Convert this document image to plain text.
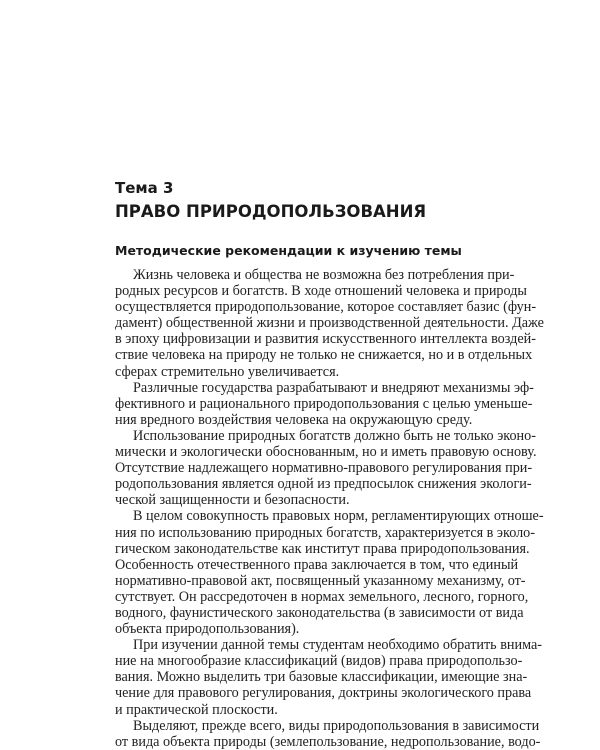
Тема 3
ПРАВО ПРИРОДОПОЛЬЗОВАНИЯ
Методические рекомендации к изучению темы
Жизнь человека и общества не возможна без потребления при-
родных ресурсов и богатств. В ходе отношений человека и природы
осуществляется природопользование, которое составляет базис (фун-
дамент) общественной жизни и производственной деятельности. Даже
в эпоху цифровизации и развития искусственного интеллекта воздей-
ствие человека на природу не только не снижается, но и в отдельных
сферах стремительно увеличивается.
Различные государства разрабатывают и внедряют механизмы эф-
фективного и рационального природопользования с целью уменьше-
ния вредного воздействия человека на окружающую среду.
Использование природных богатств должно быть не только эконо-
мически и экологически обоснованным, но и иметь правовую основу.
Отсутствие надлежащего нормативно-правового регулирования при-
родопользования является одной из предпосылок снижения экологи-
ческой защищенности и безопасности.
В целом совокупность правовых норм, регламентирующих отноше-
ния по использованию природных богатств, характеризуется в эколо-
гическом законодательстве как институт права природопользования.
Особенность отечественного права заключается в том, что единый
нормативно-правовой акт, посвященный указанному механизму, от-
сутствует. Он рассредоточен в нормах земельного, лесного, горного,
водного, фаунистического законодательства (в зависимости от вида
объекта природопользования).
При изучении данной темы студентам необходимо обратить внима-
ние на многообразие классификаций (видов) права природопользо-
вания. Можно выделить три базовые классификации, имеющие зна-
чение для правового регулирования, доктрины экологического права
и практической плоскости.
Выделяют, прежде всего, виды природопользования в зависимости
от вида объекта природы (землепользование, недропользование, водо-
